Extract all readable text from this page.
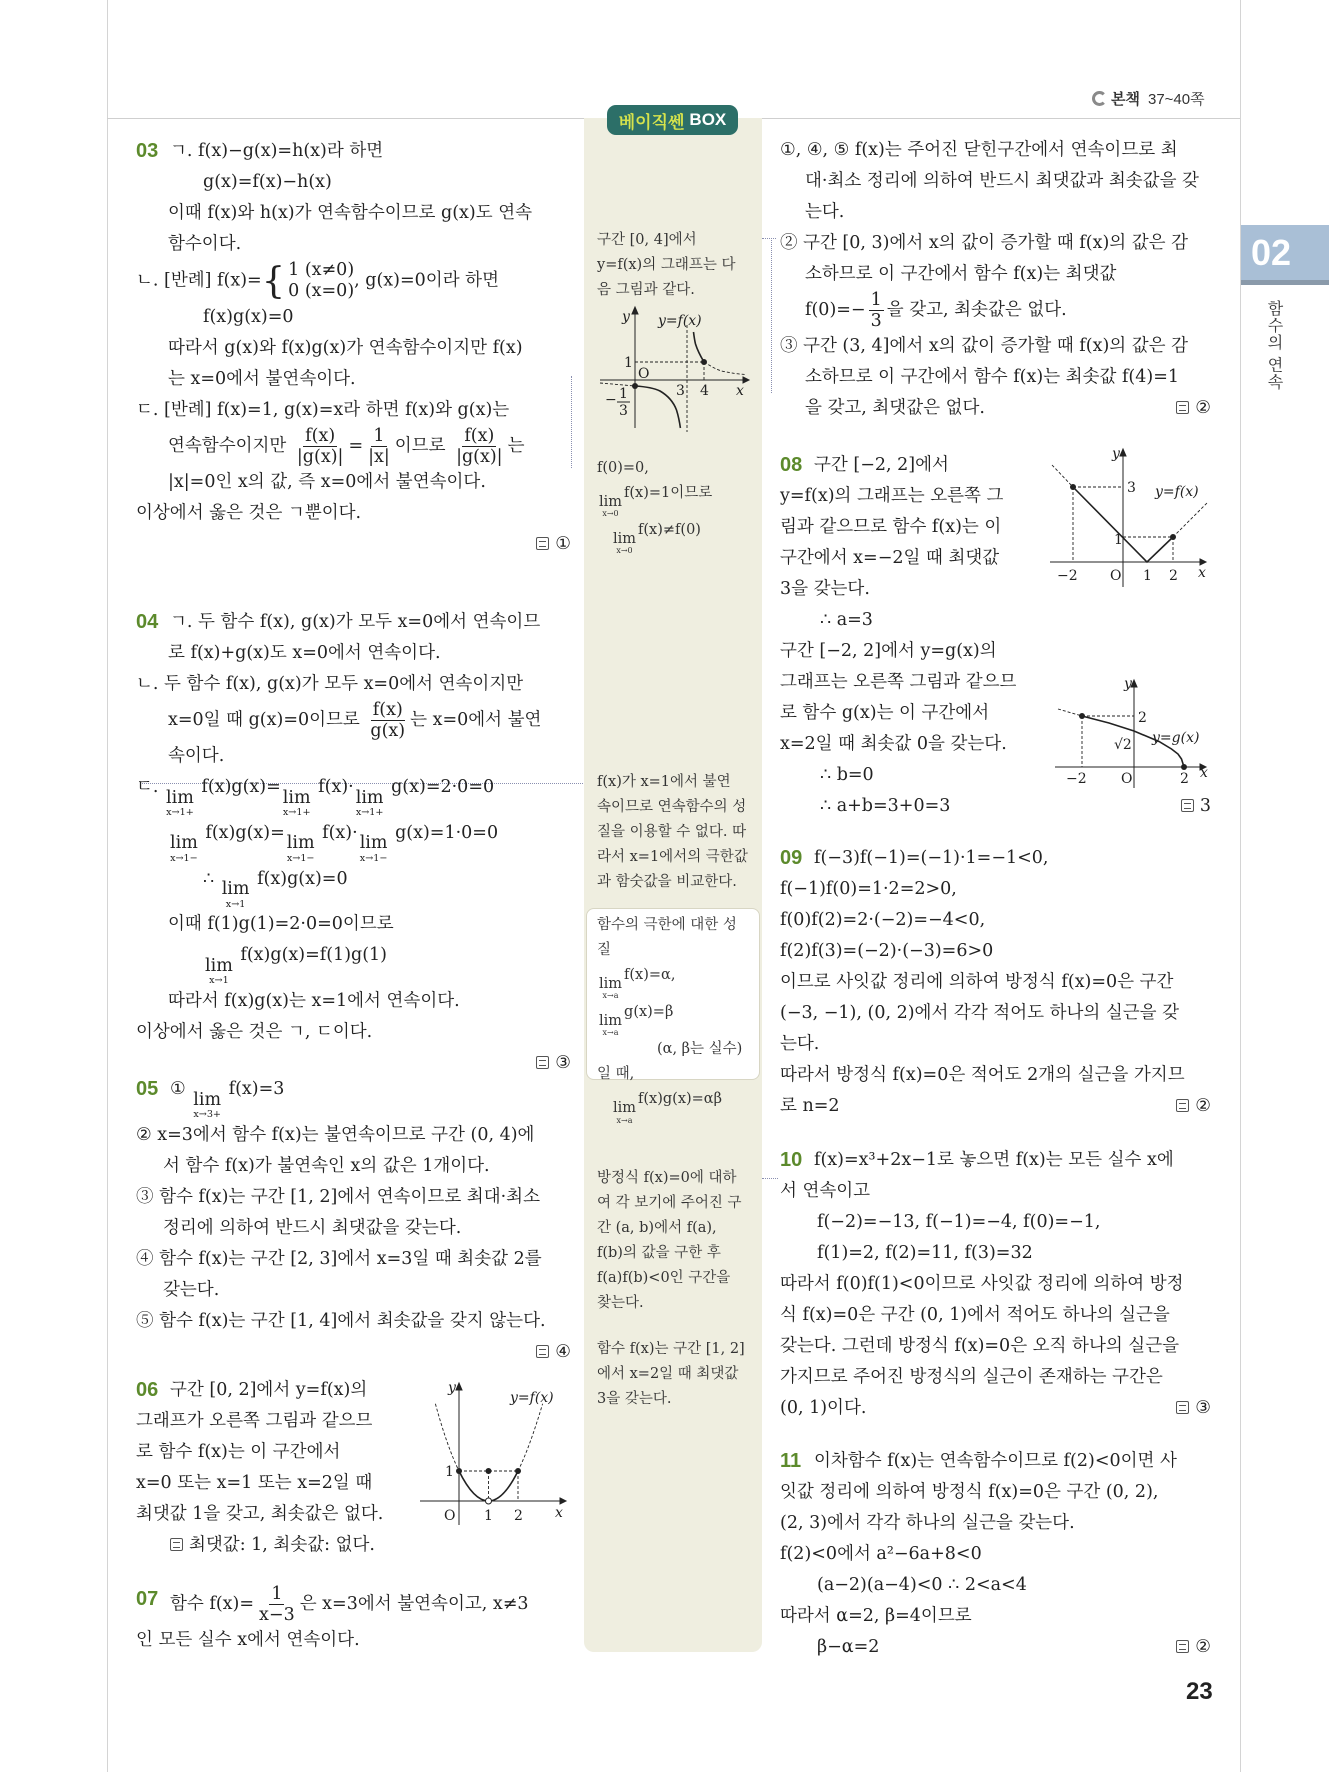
본책 37~40쪽
베이직쎈 BOX
02
함수의 연속
23
03 ㄱ. f(x)−g(x)=h(x)라 하면
g(x)=f(x)−h(x)
이때 f(x)와 h(x)가 연속함수이므로 g(x)도 연속
함수이다.
ㄴ. [반례] f(x)= { 1 (x≠0)
0 (x=0)
, g(x)=0이라 하면
f(x)g(x)=0
따라서 g(x)와 f(x)g(x)가 연속함수이지만 f(x)
는 x=0에서 불연속이다.
ㄷ. [반례] f(x)=1, g(x)=x라 하면 f(x)와 g(x)는
연속함수이지만 $\frac{f(x)}{|g(x)|} = \frac{1}{|x|}$ 이므로 $\frac{f(x)}{|g(x)|}$ 는
|x|=0인 x의 값, 즉 x=0에서 불연속이다.
이상에서 옳은 것은 ㄱ뿐이다.
①
04 ㄱ. 두 함수 f(x), g(x)가 모두 x=0에서 연속이므
로 f(x)+g(x)도 x=0에서 연속이다.
ㄴ. 두 함수 f(x), g(x)가 모두 x=0에서 연속이지만
x=0일 때 g(x)=0이므로 $\frac{f(x)}{g(x)}$ 는 x=0에서 불연
속이다.
ㄷ.
lim
x→1+
f(x)g(x)=
lim
x→1+
f(x)·
lim
x→1+
g(x)=2·0=0
lim
x→1−
f(x)g(x)=
lim
x→1−
f(x)·
lim
x→1−
g(x)=1·0=0
∴
lim
x→1
f(x)g(x)=0
이때 f(1)g(1)=2·0=0이므로
lim
x→1
f(x)g(x)=f(1)g(1)
따라서 f(x)g(x)는 x=1에서 연속이다.
이상에서 옳은 것은 ㄱ, ㄷ이다.
③
05 ①
lim
x→3+
f(x)=3
② x=3에서 함수 f(x)는 불연속이므로 구간 (0, 4)에
서 함수 f(x)가 불연속인 x의 값은 1개이다.
③ 함수 f(x)는 구간 [1, 2]에서 연속이므로 최대·최소
정리에 의하여 반드시 최댓값을 갖는다.
④ 함수 f(x)는 구간 [2, 3]에서 x=3일 때 최솟값 2를
갖는다.
⑤ 함수 f(x)는 구간 [1, 4]에서 최솟값을 갖지 않는다.
④
06 구간 [0, 2]에서 y=f(x)의
그래프가 오른쪽 그림과 같으므
로 함수 f(x)는 이 구간에서
x=0 또는 x=1 또는 x=2일 때
최댓값 1을 갖고, 최솟값은 없다.
최댓값: 1, 최솟값: 없다.
07 함수 $f(x)= \frac{1}{x-3}$ 은 x=3에서 불연속이고, x≠3
인 모든 실수 x에서 연속이다.
구간 [0, 4]에서
y=f(x)의 그래프는 다
음 그림과 같다.
f(0)=0,
lim
x→0
f(x)=1이므로
lim
x→0
f(x)≠f(0)
f(x)가 x=1에서 불연
속이므로 연속함수의 성
질을 이용할 수 없다. 따
라서 x=1에서의 극한값
과 함숫값을 비교한다.
함수의 극한에 대한 성질
lim
x→a
f(x)=α,
lim
x→a
g(x)=β
(α, β는 실수)
일 때,
lim
x→a
f(x)g(x)=αβ
방정식 f(x)=0에 대하
여 각 보기에 주어진 구
간 (a, b)에서 f(a),
f(b)의 값을 구한 후
f(a)f(b)<0인 구간을
찾는다.
함수 f(x)는 구간 [1, 2]
에서 x=2일 때 최댓값
3을 갖는다.
①, ④, ⑤ f(x)는 주어진 닫힌구간에서 연속이므로 최
대·최소 정리에 의하여 반드시 최댓값과 최솟값을 갖
는다.
② 구간 [0, 3)에서 x의 값이 증가할 때 f(x)의 값은 감
소하므로 이 구간에서 함수 f(x)는 최댓값
$f(0)=- \frac{1}{3}$ 을 갖고, 최솟값은 없다.
③ 구간 (3, 4]에서 x의 값이 증가할 때 f(x)의 값은 감
소하므로 이 구간에서 함수 f(x)는 최솟값 f(4)=1
을 갖고, 최댓값은 없다.	②
08 구간 [−2, 2]에서
y=f(x)의 그래프는 오른쪽 그
림과 같으므로 함수 f(x)는 이
구간에서 x=−2일 때 최댓값
3을 갖는다.
∴ a=3
구간 [−2, 2]에서 y=g(x)의
그래프는 오른쪽 그림과 같으므
로 함수 g(x)는 이 구간에서
x=2일 때 최솟값 0을 갖는다.
∴ b=0
∴ a+b=3+0=3	3
09 f(−3)f(−1)=(−1)·1=−1<0,
f(−1)f(0)=1·2=2>0,
f(0)f(2)=2·(−2)=−4<0,
f(2)f(3)=(−2)·(−3)=6>0
이므로 사잇값 정리에 의하여 방정식 f(x)=0은 구간
(−3, −1), (0, 2)에서 각각 적어도 하나의 실근을 갖
는다.
따라서 방정식 f(x)=0은 적어도 2개의 실근을 가지므
로 n=2	②
10 f(x)=x³+2x−1로 놓으면 f(x)는 모든 실수 x에
서 연속이고
f(−2)=−13, f(−1)=−4, f(0)=−1,
f(1)=2, f(2)=11, f(3)=32
따라서 f(0)f(1)<0이므로 사잇값 정리에 의하여 방정
식 f(x)=0은 구간 (0, 1)에서 적어도 하나의 실근을
갖는다. 그런데 방정식 f(x)=0은 오직 하나의 실근을
가지므로 주어진 방정식의 실근이 존재하는 구간은
(0, 1)이다.	③
11 이차함수 f(x)는 연속함수이므로 f(2)<0이면 사
잇값 정리에 의하여 방정식 f(x)=0은 구간 (0, 2),
(2, 3)에서 각각 하나의 실근을 갖는다.
f(2)<0에서 a²−6a+8<0
(a−2)(a−4)<0 ∴ 2<a<4
따라서 α=2, β=4이므로
β−α=2	②
y y=f(x)
1
O
3 4 x
− 1
3
y
3 y=f(x)
1
−2 O 1 2 x
y
2
y=g(x)
√2
−2 O	2 x
y
y=f(x)
1
O 1 2 x
